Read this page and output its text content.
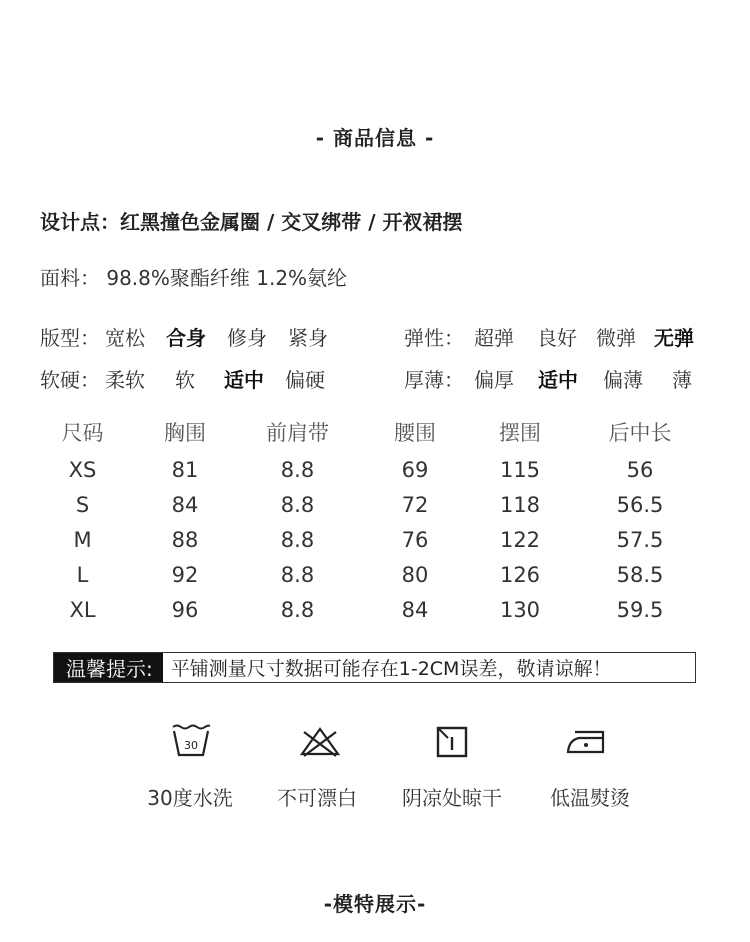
- 商品信息 -
设计点：红黑撞色金属圈 / 交叉绑带 / 开衩裙摆
面料： 98.8%聚酯纤维 1.2%氨纶
版型： 宽松 合身 修身 紧身	弹性： 超弹 良好 微弹 无弹
软硬： 柔软 软 适中 偏硬	厚薄： 偏厚 适中 偏薄 薄
尺码	胸围	前肩带	腰围	摆围	后中长
XS	81	8.8	69	115	56
S	84	8.8	72	118	56.5
M	88	8.8	76	122	57.5
L	92	8.8	80	126	58.5
XL	96	8.8	84	130	59.5
温馨提示: 平铺测量尺寸数据可能存在1-2CM误差，敬请谅解！
30
30度水洗	不可漂白	阴凉处晾干	低温熨烫
-模特展示-
